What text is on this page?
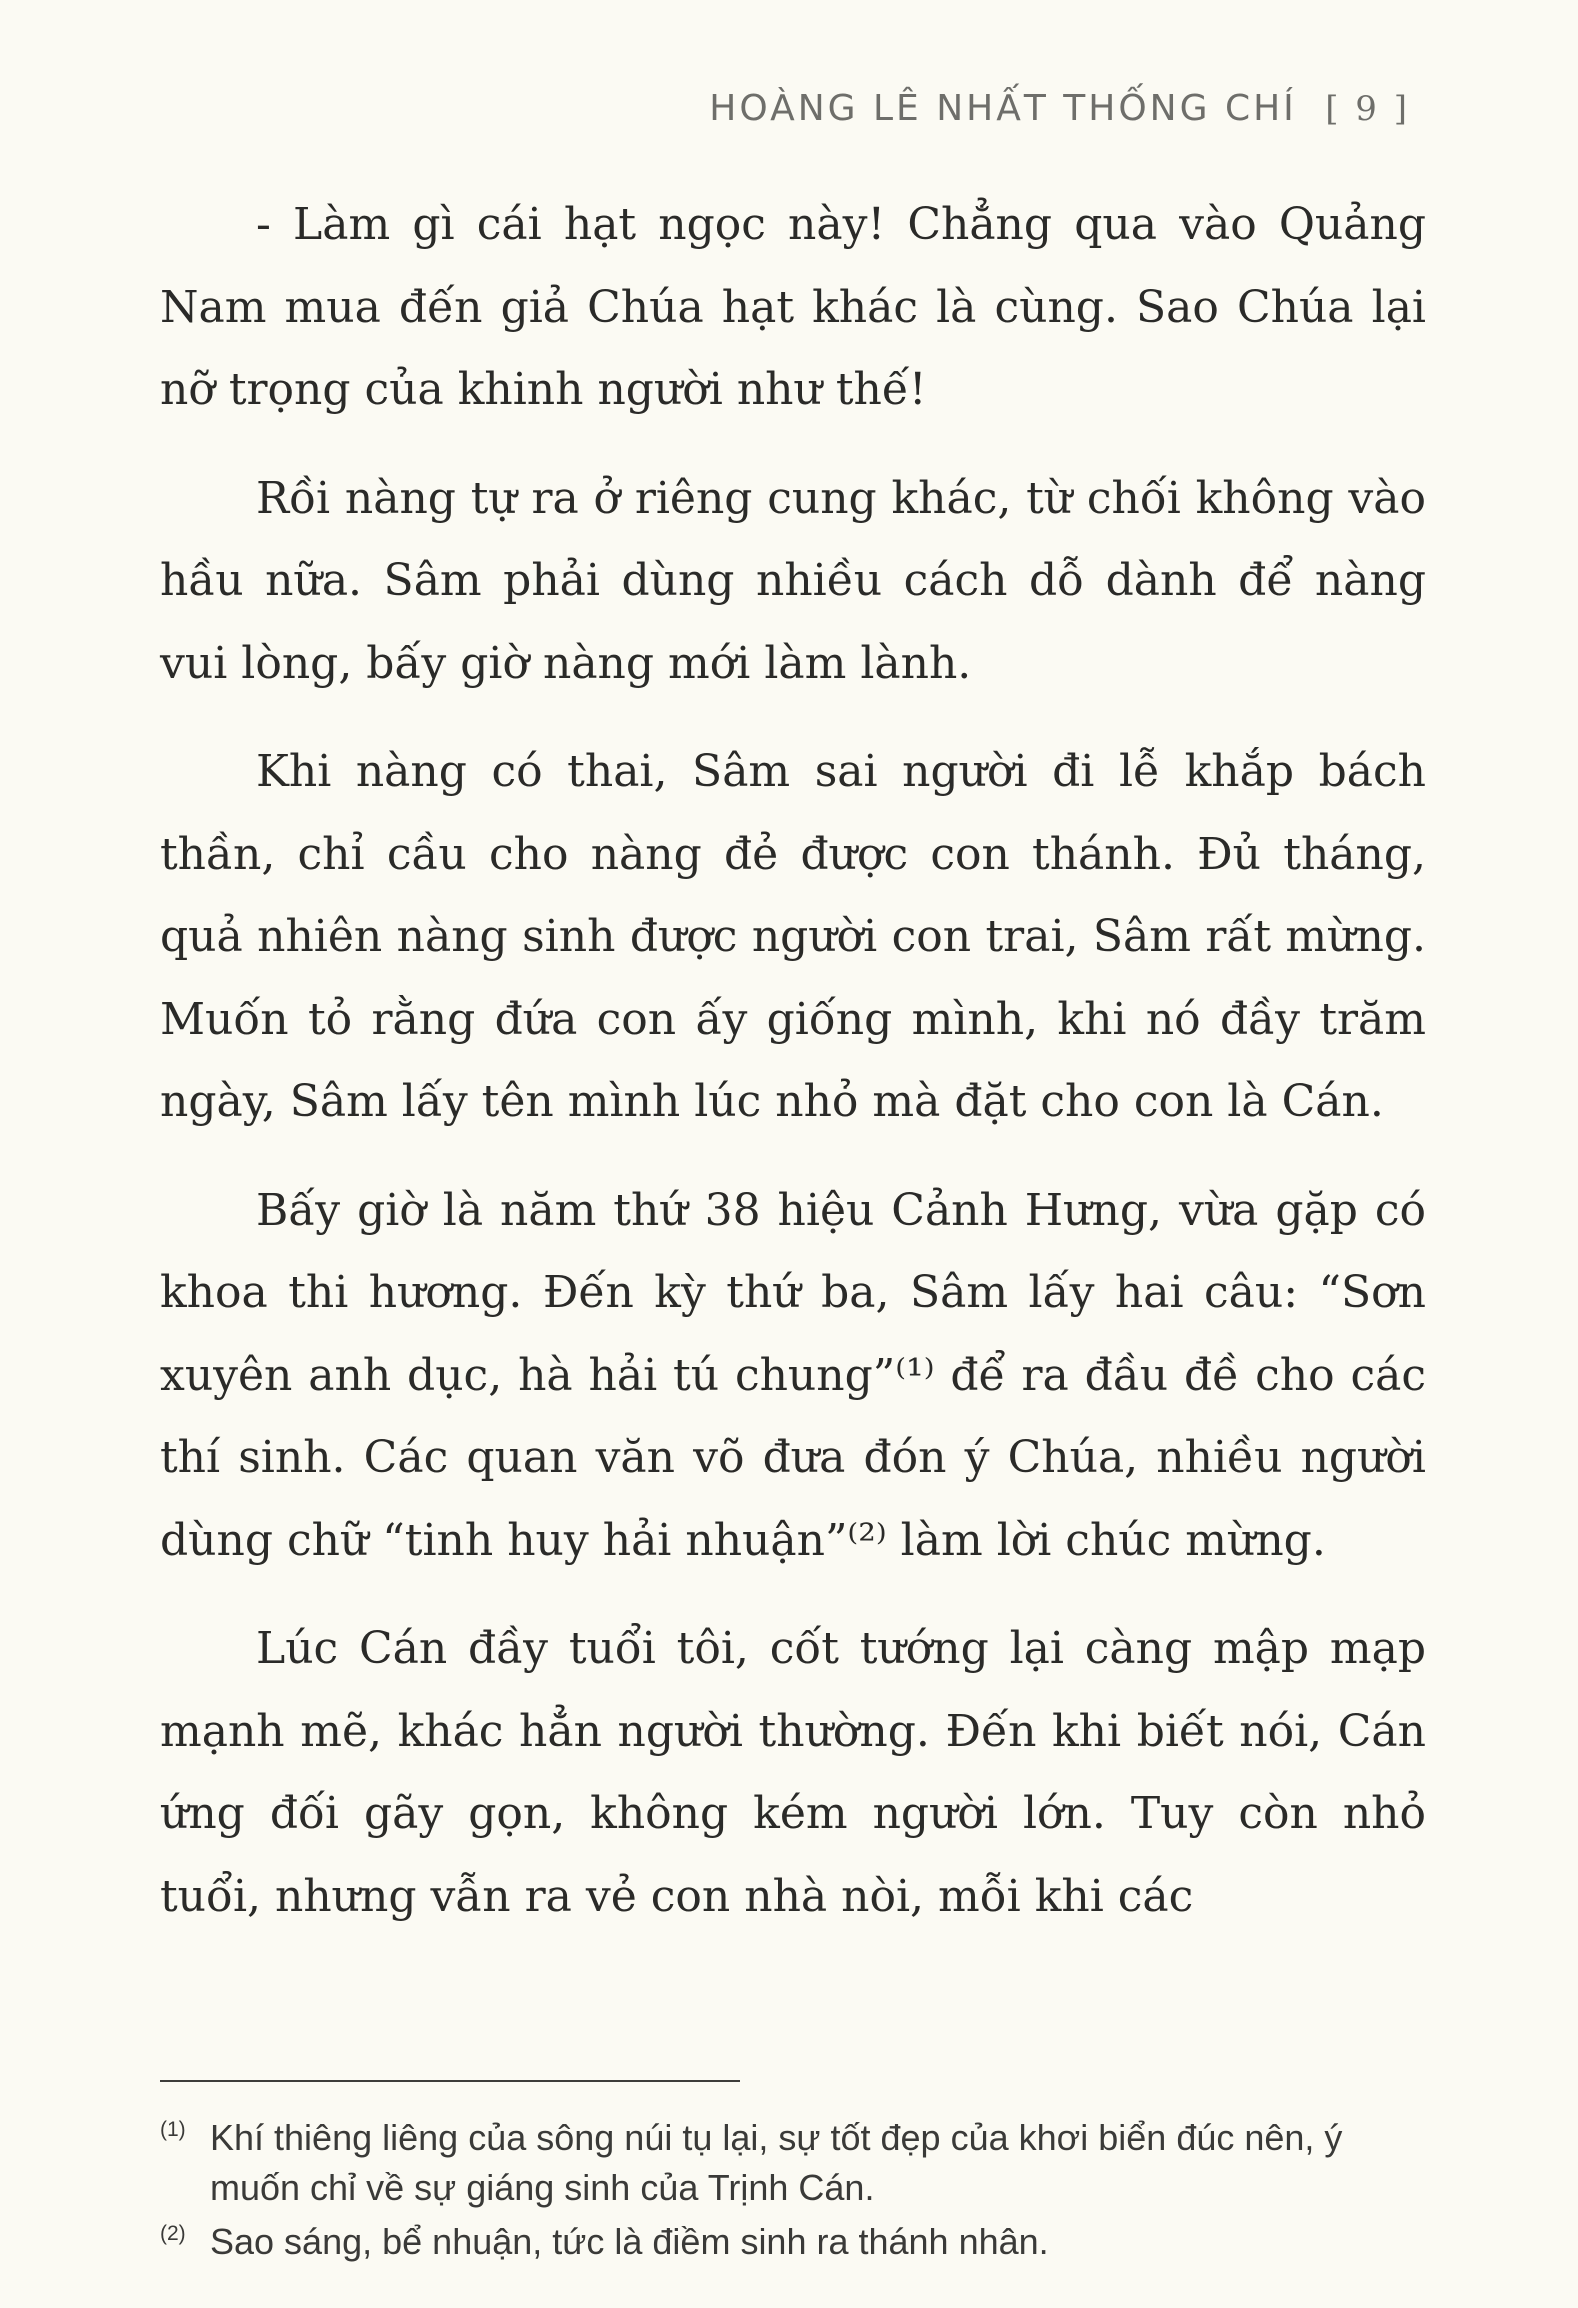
HOÀNG LÊ NHẤT THỐNG CHÍ [ 9 ]

- Làm gì cái hạt ngọc này! Chẳng qua vào Quảng Nam mua đến giả Chúa hạt khác là cùng. Sao Chúa lại nỡ trọng của khinh người như thế!

Rồi nàng tự ra ở riêng cung khác, từ chối không vào hầu nữa. Sâm phải dùng nhiều cách dỗ dành để nàng vui lòng, bấy giờ nàng mới làm lành.

Khi nàng có thai, Sâm sai người đi lễ khắp bách thần, chỉ cầu cho nàng đẻ được con thánh. Đủ tháng, quả nhiên nàng sinh được người con trai, Sâm rất mừng. Muốn tỏ rằng đứa con ấy giống mình, khi nó đầy trăm ngày, Sâm lấy tên mình lúc nhỏ mà đặt cho con là Cán.

Bấy giờ là năm thứ 38 hiệu Cảnh Hưng, vừa gặp có khoa thi hương. Đến kỳ thứ ba, Sâm lấy hai câu: “Sơn xuyên anh dục, hà hải tú chung”⁽¹⁾ để ra đầu đề cho các thí sinh. Các quan văn võ đưa đón ý Chúa, nhiều người dùng chữ “tinh huy hải nhuận”⁽²⁾ làm lời chúc mừng.

Lúc Cán đầy tuổi tôi, cốt tướng lại càng mập mạp mạnh mẽ, khác hẳn người thường. Đến khi biết nói, Cán ứng đối gãy gọn, không kém người lớn. Tuy còn nhỏ tuổi, nhưng vẫn ra vẻ con nhà nòi, mỗi khi các

(1) Khí thiêng liêng của sông núi tụ lại, sự tốt đẹp của khơi biển đúc nên, ý muốn chỉ về sự giáng sinh của Trịnh Cán.
(2) Sao sáng, bể nhuận, tức là điềm sinh ra thánh nhân.
